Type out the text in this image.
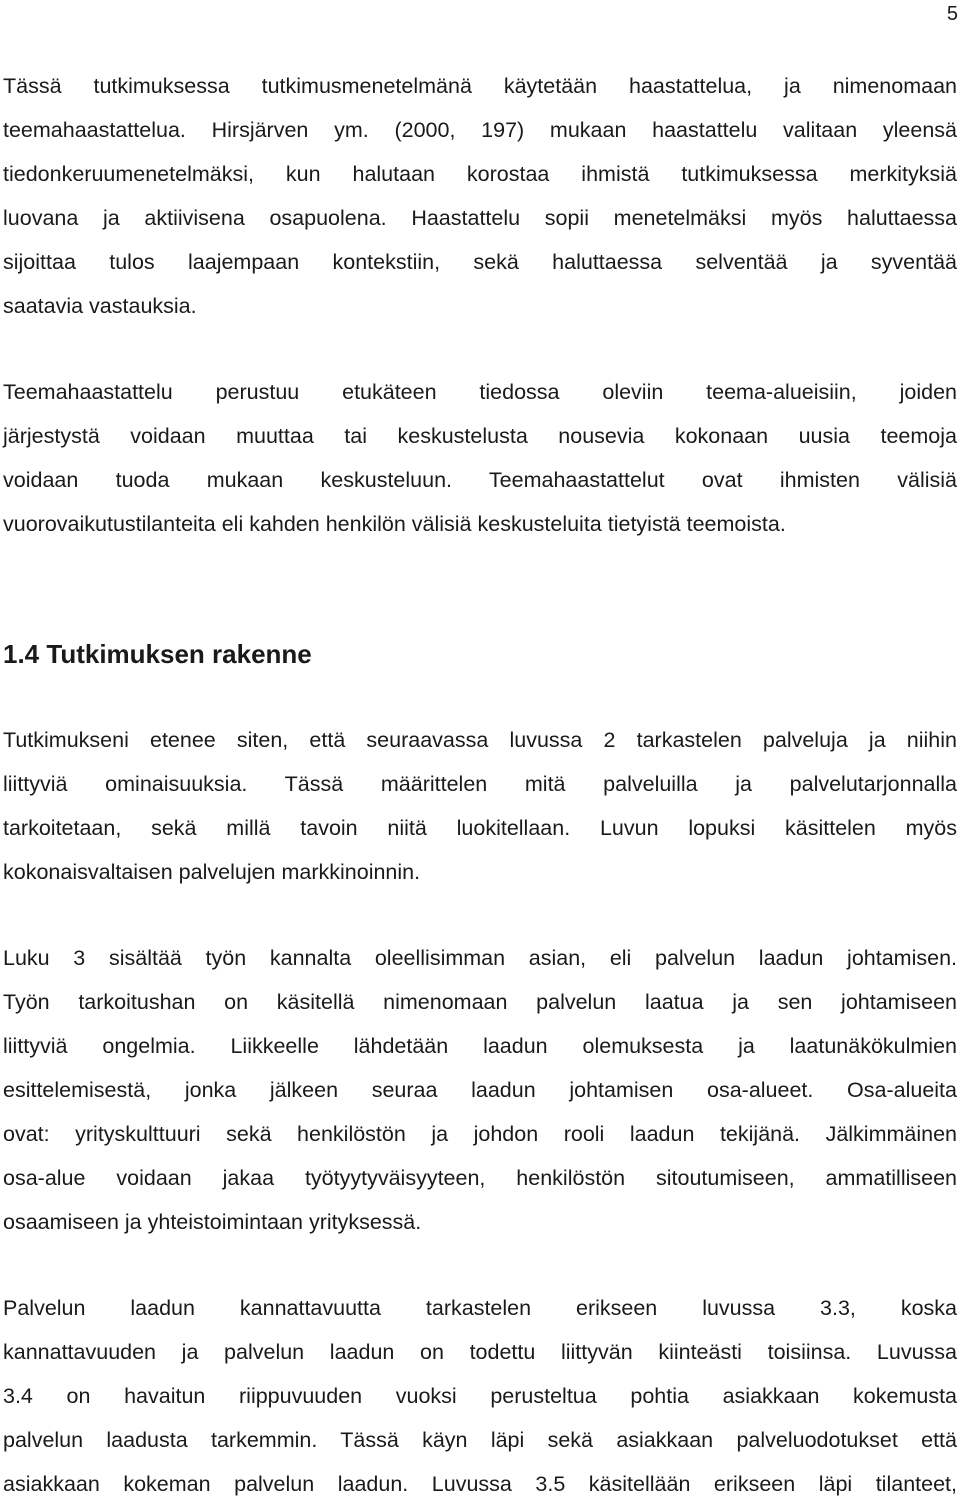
5
Tässä tutkimuksessa tutkimusmenetelmänä käytetään haastattelua, ja nimenomaan
teemahaastattelua. Hirsjärven ym. (2000, 197) mukaan haastattelu valitaan yleensä
tiedonkeruumenetelmäksi, kun halutaan korostaa ihmistä tutkimuksessa merkityksiä
luovana ja aktiivisena osapuolena. Haastattelu sopii menetelmäksi myös haluttaessa
sijoittaa tulos laajempaan kontekstiin, sekä haluttaessa selventää ja syventää
saatavia vastauksia.
Teemahaastattelu perustuu etukäteen tiedossa oleviin teema-alueisiin, joiden
järjestystä voidaan muuttaa tai keskustelusta nousevia kokonaan uusia teemoja
voidaan tuoda mukaan keskusteluun. Teemahaastattelut ovat ihmisten välisiä
vuorovaikutustilanteita eli kahden henkilön välisiä keskusteluita tietyistä teemoista.
1.4 Tutkimuksen rakenne
Tutkimukseni etenee siten, että seuraavassa luvussa 2 tarkastelen palveluja ja niihin
liittyviä ominaisuuksia. Tässä määrittelen mitä palveluilla ja palvelutarjonnalla
tarkoitetaan, sekä millä tavoin niitä luokitellaan. Luvun lopuksi käsittelen myös
kokonaisvaltaisen palvelujen markkinoinnin.
Luku 3 sisältää työn kannalta oleellisimman asian, eli palvelun laadun johtamisen.
Työn tarkoitushan on käsitellä nimenomaan palvelun laatua ja sen johtamiseen
liittyviä ongelmia. Liikkeelle lähdetään laadun olemuksesta ja laatunäkökulmien
esittelemisestä, jonka jälkeen seuraa laadun johtamisen osa-alueet. Osa-alueita
ovat: yrityskulttuuri sekä henkilöstön ja johdon rooli laadun tekijänä. Jälkimmäinen
osa-alue voidaan jakaa työtyytyväisyyteen, henkilöstön sitoutumiseen, ammatilliseen
osaamiseen ja yhteistoimintaan yrityksessä.
Palvelun laadun kannattavuutta tarkastelen erikseen luvussa 3.3, koska
kannattavuuden ja palvelun laadun on todettu liittyvän kiinteästi toisiinsa. Luvussa
3.4 on havaitun riippuvuuden vuoksi perusteltua pohtia asiakkaan kokemusta
palvelun laadusta tarkemmin. Tässä käyn läpi sekä asiakkaan palveluodotukset että
asiakkaan kokeman palvelun laadun. Luvussa 3.5 käsitellään erikseen läpi tilanteet,
